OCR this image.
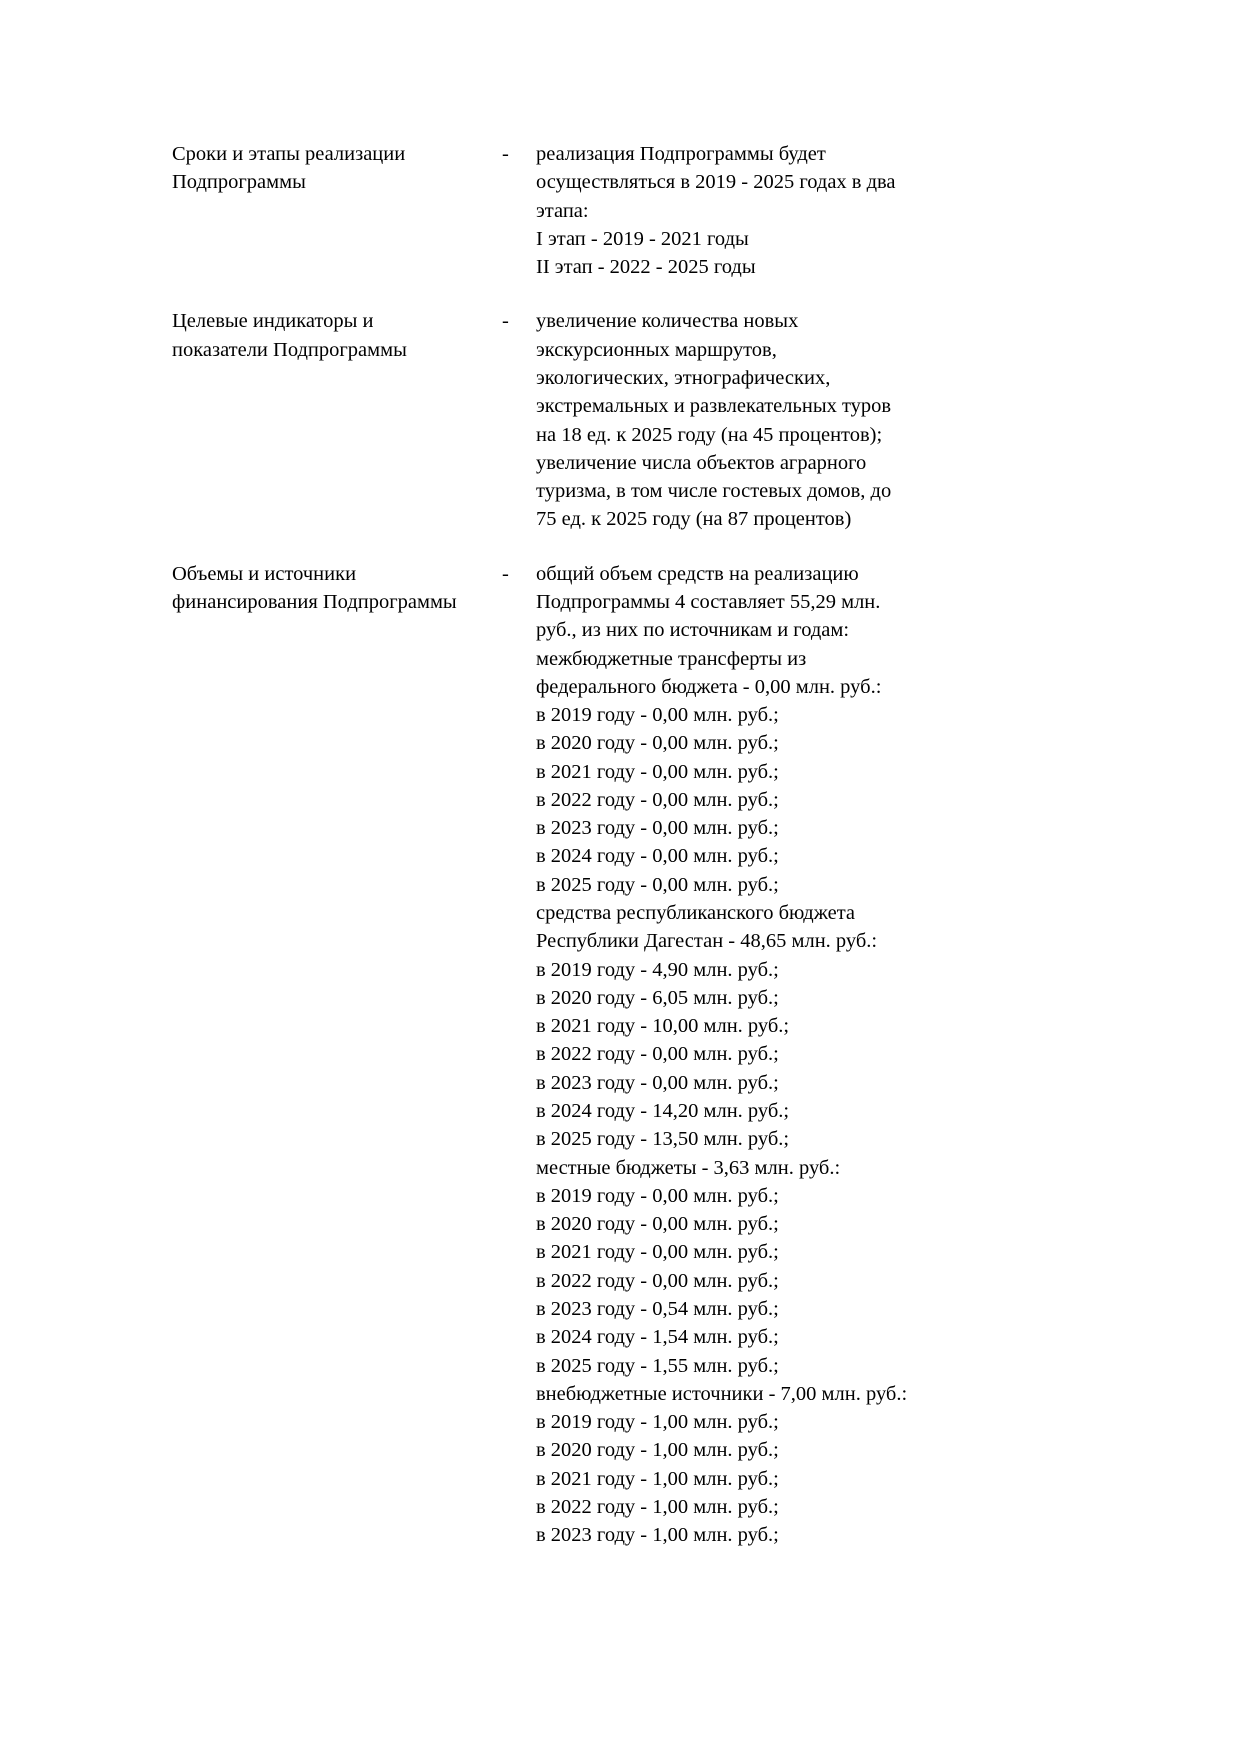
Сроки и этапы реализации
Подпрограммы
-	реализация Подпрограммы будет
осуществляться в 2019 - 2025 годах в два
этапа:
I этап - 2019 - 2021 годы
II этап - 2022 - 2025 годы
Целевые индикаторы и
показатели Подпрограммы
-	увеличение количества новых
экскурсионных маршрутов,
экологических, этнографических,
экстремальных и развлекательных туров
на 18 ед. к 2025 году (на 45 процентов);
увеличение числа объектов аграрного
туризма, в том числе гостевых домов, до
75 ед. к 2025 году (на 87 процентов)
Объемы и источники
финансирования Подпрограммы
-	общий объем средств на реализацию
Подпрограммы 4 составляет 55,29 млн.
руб., из них по источникам и годам:
межбюджетные трансферты из
федерального бюджета - 0,00 млн. руб.:
в 2019 году - 0,00 млн. руб.;
в 2020 году - 0,00 млн. руб.;
в 2021 году - 0,00 млн. руб.;
в 2022 году - 0,00 млн. руб.;
в 2023 году - 0,00 млн. руб.;
в 2024 году - 0,00 млн. руб.;
в 2025 году - 0,00 млн. руб.;
средства республиканского бюджета
Республики Дагестан - 48,65 млн. руб.:
в 2019 году - 4,90 млн. руб.;
в 2020 году - 6,05 млн. руб.;
в 2021 году - 10,00 млн. руб.;
в 2022 году - 0,00 млн. руб.;
в 2023 году - 0,00 млн. руб.;
в 2024 году - 14,20 млн. руб.;
в 2025 году - 13,50 млн. руб.;
местные бюджеты - 3,63 млн. руб.:
в 2019 году - 0,00 млн. руб.;
в 2020 году - 0,00 млн. руб.;
в 2021 году - 0,00 млн. руб.;
в 2022 году - 0,00 млн. руб.;
в 2023 году - 0,54 млн. руб.;
в 2024 году - 1,54 млн. руб.;
в 2025 году - 1,55 млн. руб.;
внебюджетные источники - 7,00 млн. руб.:
в 2019 году - 1,00 млн. руб.;
в 2020 году - 1,00 млн. руб.;
в 2021 году - 1,00 млн. руб.;
в 2022 году - 1,00 млн. руб.;
в 2023 году - 1,00 млн. руб.;
